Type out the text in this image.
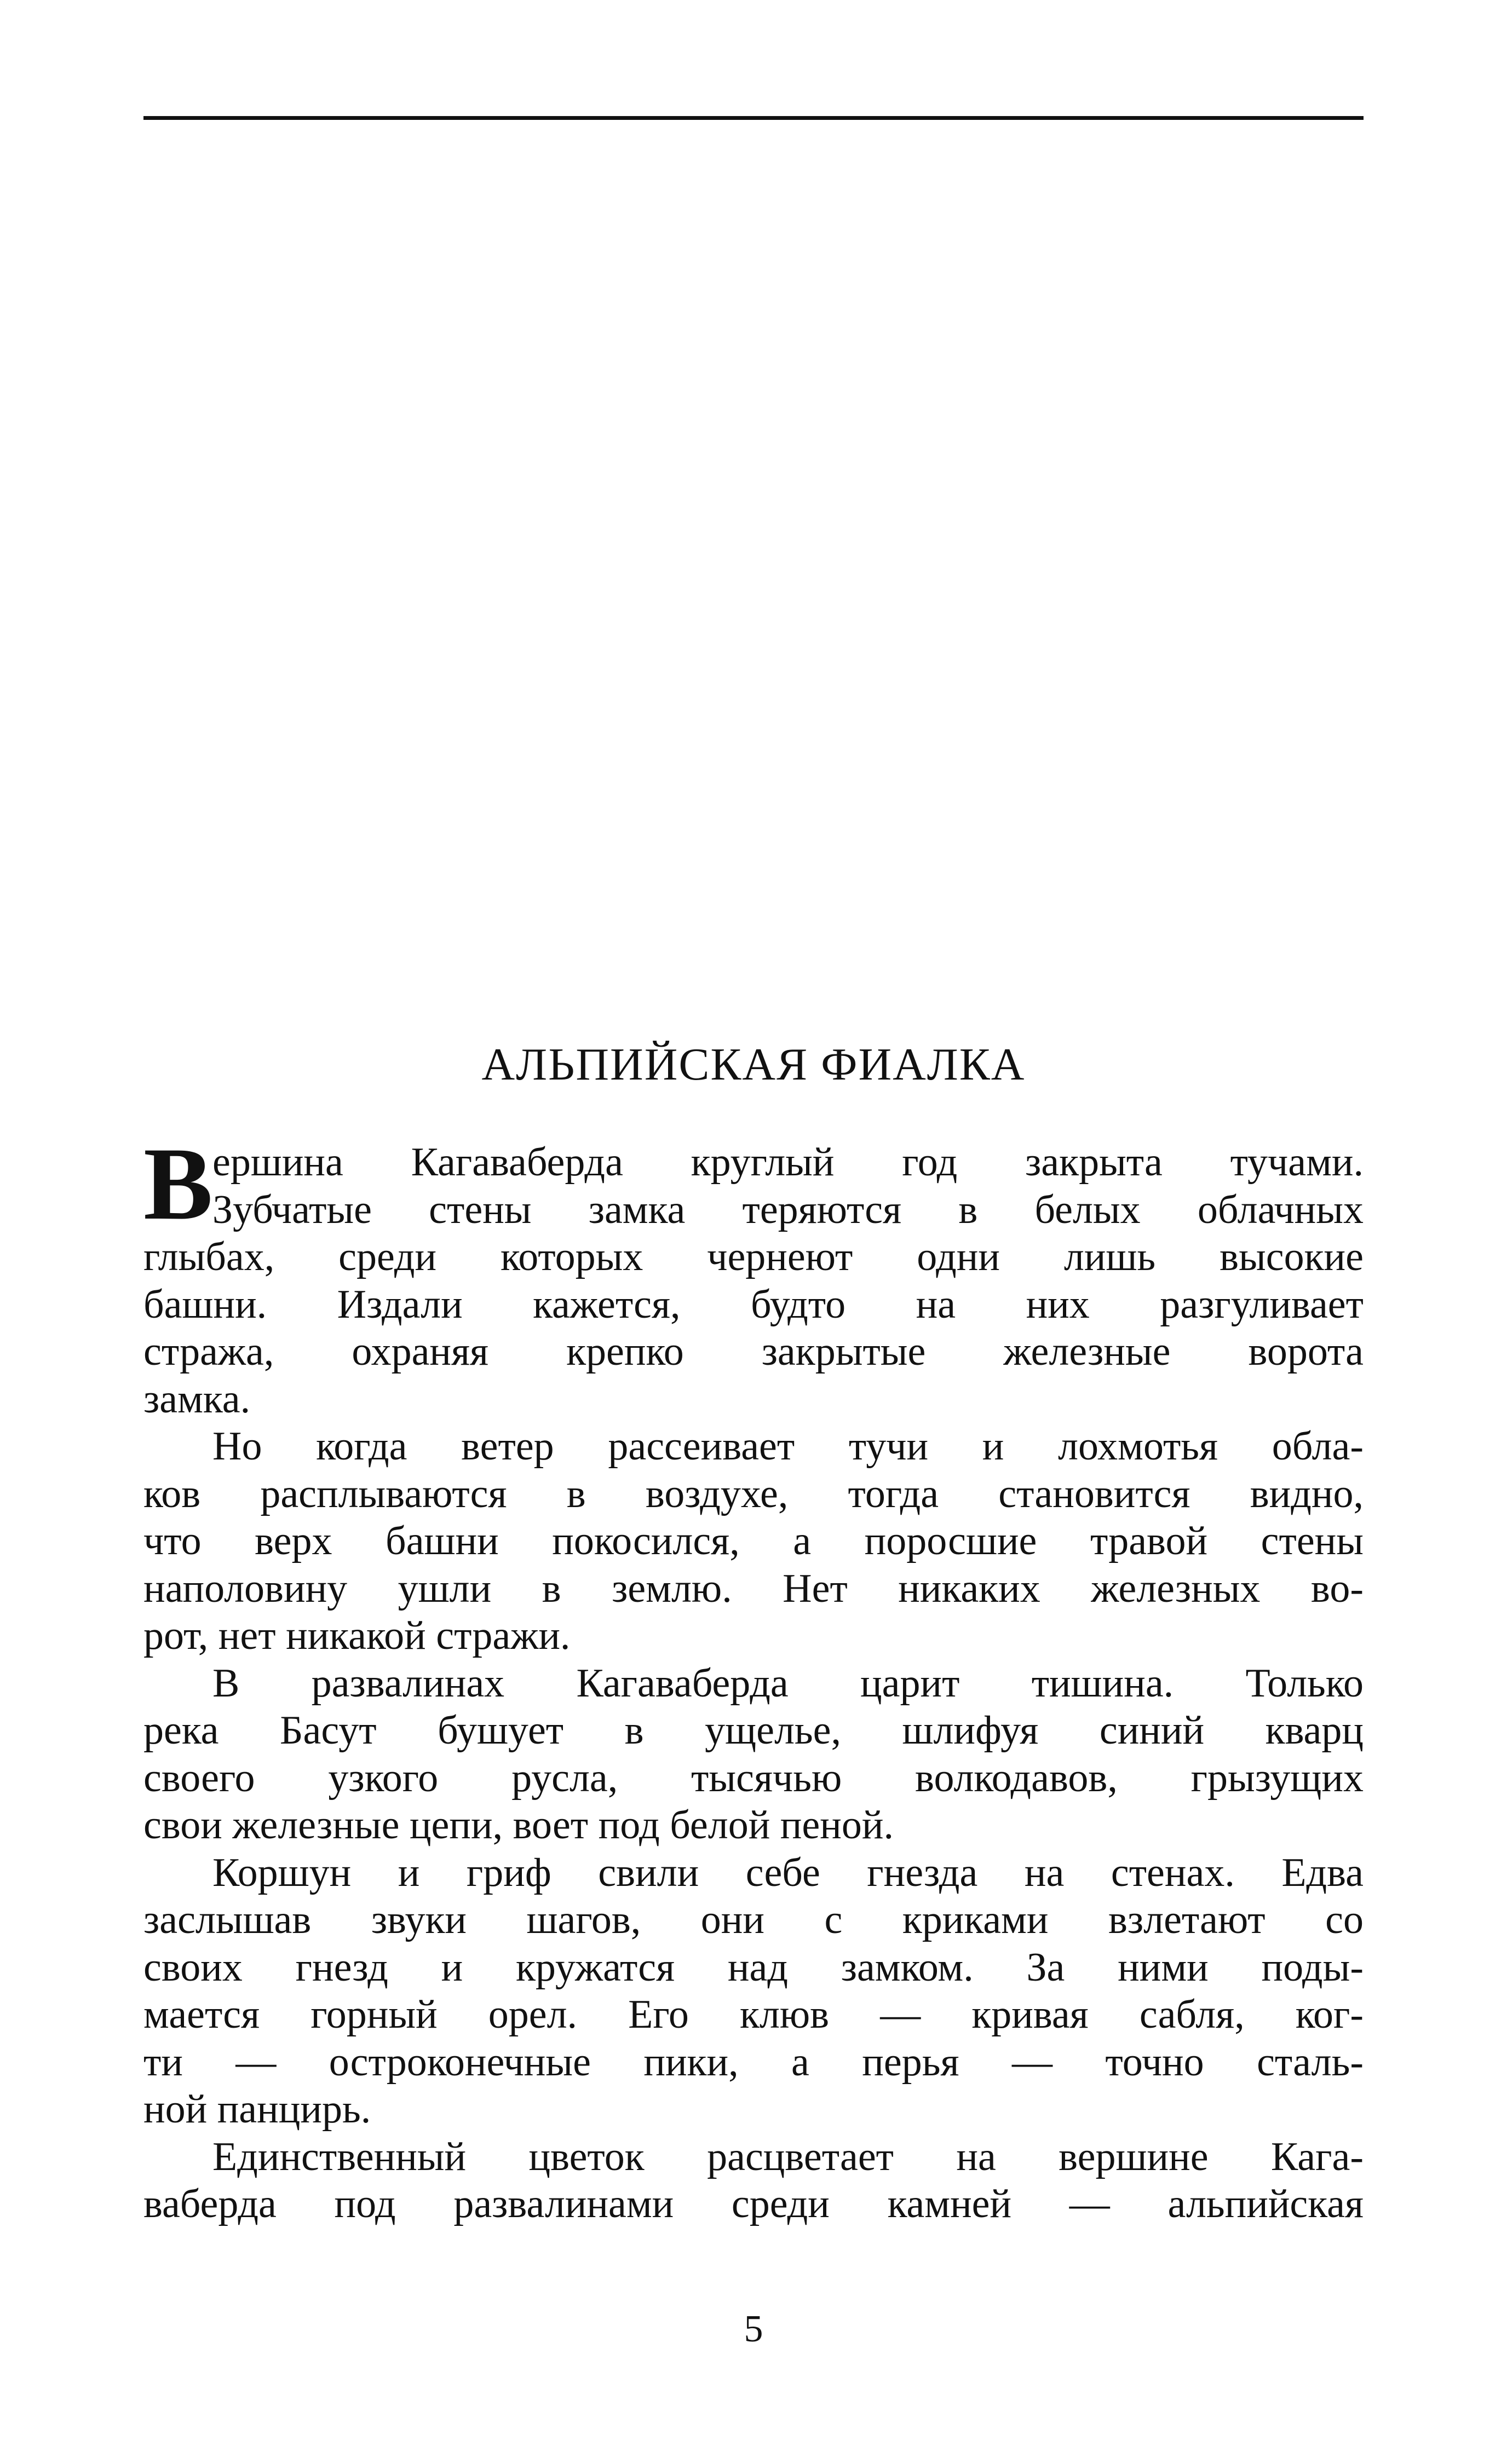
АЛЬПИЙСКАЯ ФИАЛКА
В ершина Кагаваберда круглый год закрыта тучами.
Зубчатые стены замка теряются в белых облачных
глыбах, среди которых чернеют одни лишь высокие
башни. Издали кажется, будто на них разгуливает
стража, охраняя крепко закрытые железные ворота
замка.
Но когда ветер рассеивает тучи и лохмотья обла-
ков расплываются в воздухе, тогда становится видно,
что верх башни покосился, а поросшие травой стены
наполовину ушли в землю. Нет никаких железных во-
рот, нет никакой стражи.
В развалинах Кагаваберда царит тишина. Только
река Басут бушует в ущелье, шлифуя синий кварц
своего узкого русла, тысячью волкодавов, грызущих
свои железные цепи, воет под белой пеной.
Коршун и гриф свили себе гнезда на стенах. Едва
заслышав звуки шагов, они с криками взлетают со
своих гнезд и кружатся над замком. За ними поды-
мается горный орел. Его клюв — кривая сабля, ког-
ти — остроконечные пики, а перья — точно сталь-
ной панцирь.
Единственный цветок расцветает на вершине Кага-
ваберда под развалинами среди камней — альпийская
5
